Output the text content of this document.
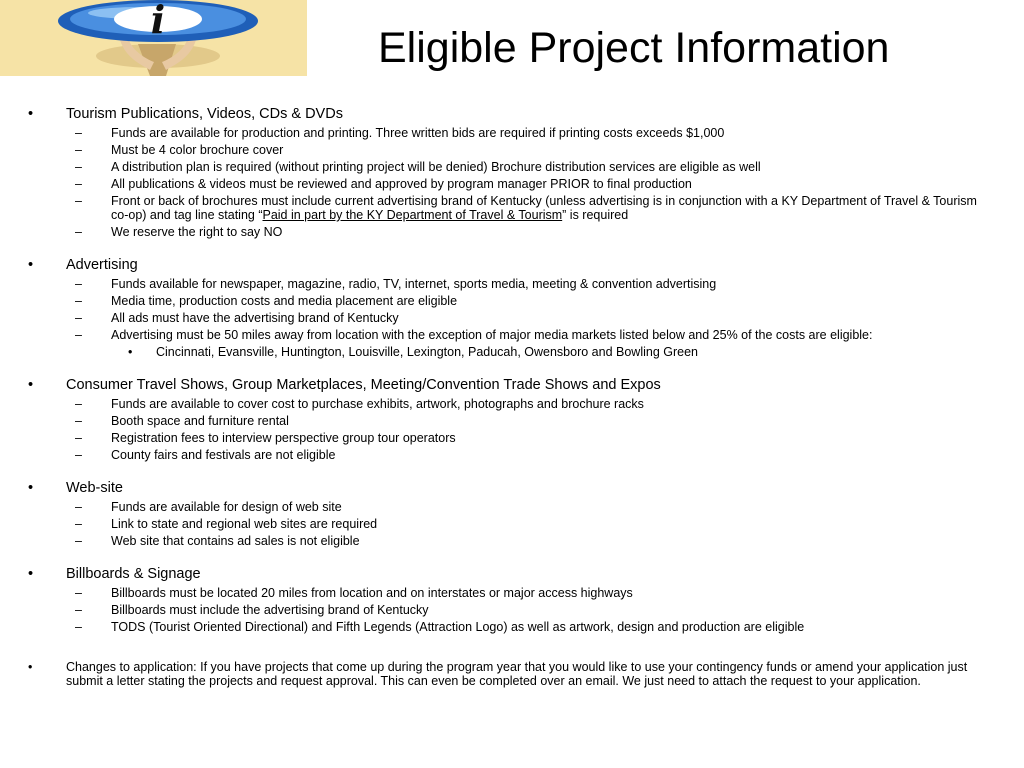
i
Eligible Project Information
• Tourism Publications, Videos, CDs & DVDs
– Funds are available for production and printing. Three written bids are required if printing costs exceeds $1,000
– Must be 4 color brochure cover
– A distribution plan is required (without printing project will be denied) Brochure distribution services are eligible as well
– All publications & videos must be reviewed and approved by program manager PRIOR to final production
– Front or back of brochures must include current advertising brand of Kentucky (unless advertising is in conjunction with a KY Department of Travel & Tourism co-op) and tag line stating “Paid in part by the KY Department of Travel & Tourism” is required
– We reserve the right to say NO
• Advertising
– Funds available for newspaper, magazine, radio, TV, internet, sports media, meeting & convention advertising
– Media time, production costs and media placement are eligible
– All ads must have the advertising brand of Kentucky
– Advertising must be 50 miles away from location with the exception of major media markets listed below and 25% of the costs are eligible:
• Cincinnati, Evansville, Huntington, Louisville, Lexington, Paducah, Owensboro and Bowling Green
• Consumer Travel Shows, Group Marketplaces, Meeting/Convention Trade Shows and Expos
– Funds are available to cover cost to purchase exhibits, artwork, photographs and brochure racks
– Booth space and furniture rental
– Registration fees to interview perspective group tour operators
– County fairs and festivals are not eligible
• Web-site
– Funds are available for design of web site
– Link to state and regional web sites are required
– Web site that contains ad sales is not eligible
• Billboards & Signage
– Billboards must be located 20 miles from location and on interstates or major access highways
– Billboards must include the advertising brand of Kentucky
– TODS (Tourist Oriented Directional) and Fifth Legends (Attraction Logo) as well as artwork, design and production are eligible
•	Changes to application: If you have projects that come up during the program year that you would like to use your contingency funds or amend your application just submit a letter stating the projects and request approval. This can even be completed over an email. We just need to attach the request to your application.
